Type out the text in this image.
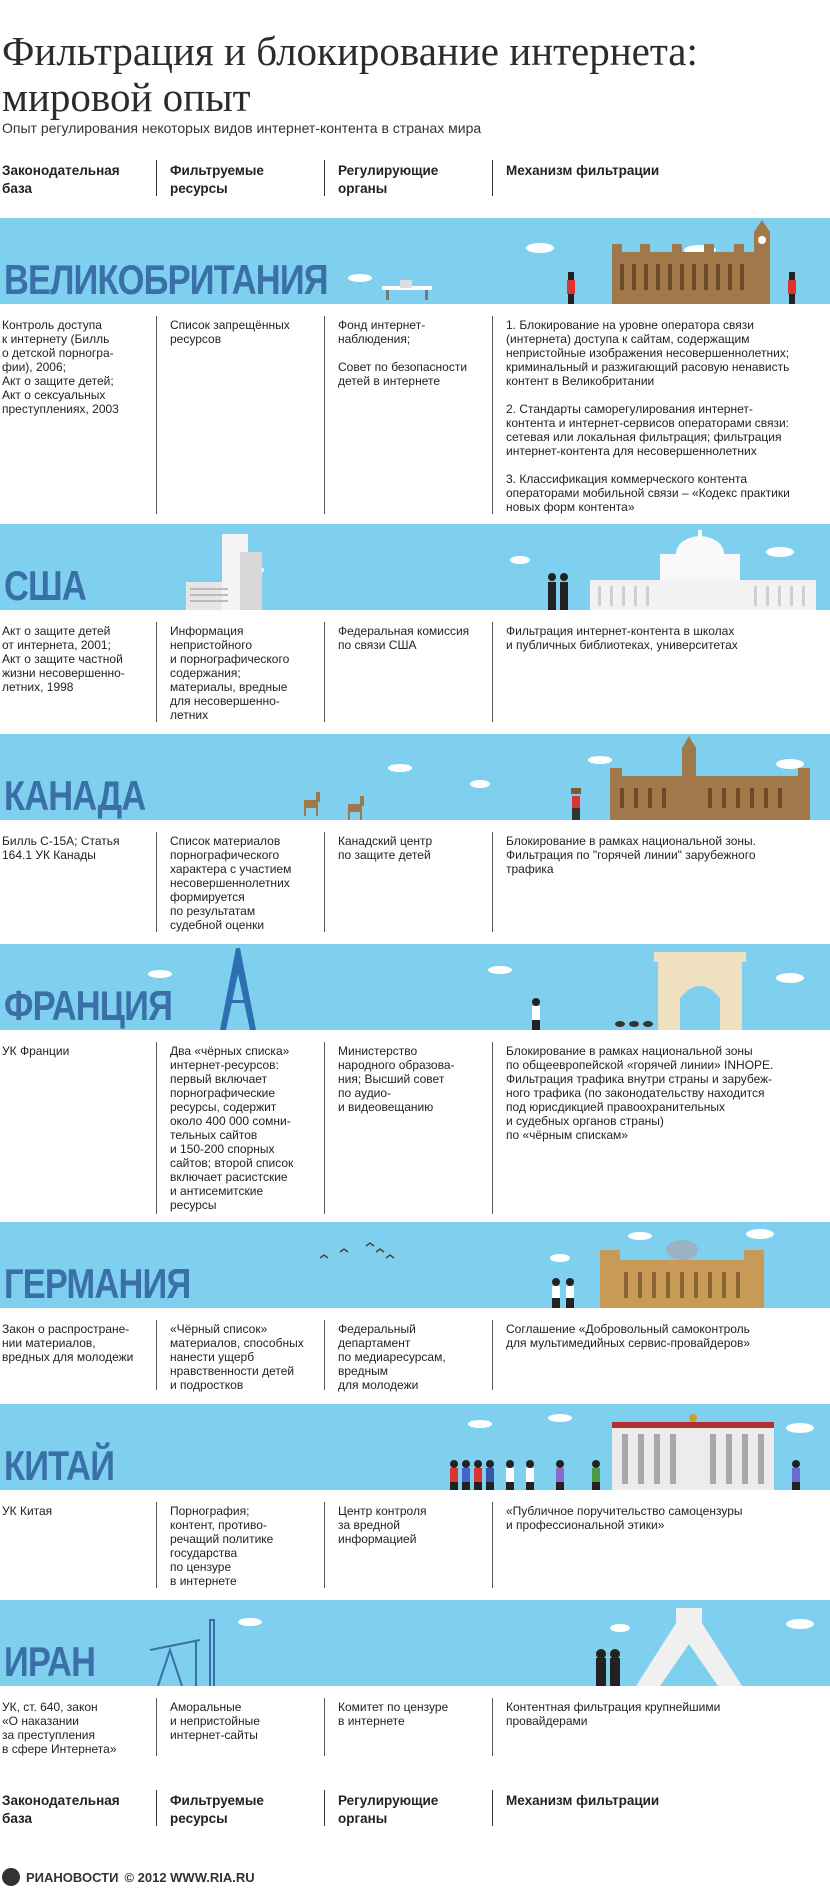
Фильтрация и блокирование интернета:
мировой опыт
Опыт регулирования некоторых видов интернет-контента в странах мира
Законодательная
база
Фильтруемые
ресурсы
Регулирующие
органы
Механизм фильтрации
ВЕЛИКОБРИТАНИЯ
Контроль доступа
к интернету (Билль
о детской порногра-
фии), 2006;
Акт о защите детей;
Акт о сексуальных
преступлениях, 2003
Список запрещённых
ресурсов
Фонд интернет-
наблюдения;

Совет по безопасности
детей в интернете
1. Блокирование на уровне оператора связи
(интернета) доступа к сайтам, содержащим
непристойные изображения несовершеннолетних;
криминальный и разжигающий расовую ненависть
контент в Великобритании

2. Стандарты саморегулирования интернет-
контента и интернет-сервисов операторами связи:
сетевая или локальная фильтрация; фильтрация
интернет-контента для несовершеннолетних

3. Классификация коммерческого контента
операторами мобильной связи – «Кодекс практики
новых форм контента»
США
Акт о защите детей
от интернета, 2001;
Акт о защите частной
жизни несовершенно-
летних, 1998
Информация
непристойного
и порнографического
содержания;
материалы, вредные
для несовершенно-
летних
Федеральная комиссия
по связи США
Фильтрация интернет-контента в школах
и публичных библиотеках, университетах
КАНАДА
Билль С-15А; Статья
164.1 УК Канады
Список материалов
порнографического
характера с участием
несовершеннолетних
формируется
по результатам
судебной оценки
Канадский центр
по защите детей
Блокирование в рамках национальной зоны.
Фильтрация по "горячей линии" зарубежного
трафика
ФРАНЦИЯ
УК Франции	Два «чёрных списка»
интернет-ресурсов:
первый включает
порнографические
ресурсы, содержит
около 400 000 сомни-
тельных сайтов
и 150-200 спорных
сайтов; второй список
включает расистские
и антисемитские
ресурсы
Министерство
народного образова-
ния; Высший совет
по аудио-
и видеовещанию
Блокирование в рамках национальной зоны
по общеевропейской «горячей линии» INHOPE.
Фильтрация трафика внутри страны и зарубеж-
ного трафика (по законодательству находится
под юрисдикцией правоохранительных
и судебных органов страны)
по «чёрным спискам»
ГЕРМАНИЯ
Закон о распростране-
нии материалов,
вредных для молодежи
«Чёрный список»
материалов, способных
нанести ущерб
нравственности детей
и подростков
Федеральный
департамент
по медиаресурсам,
вредным
для молодежи
Соглашение «Добровольный самоконтроль
для мультимедийных сервис-провайдеров»
КИТАЙ
УК Китая	Порнография;
контент, противо-
речащий политике
государства
по цензуре
в интернете
Центр контроля
за вредной
информацией
«Публичное поручительство самоцензуры
и профессиональной этики»
ИРАН
УК, ст. 640, закон
«О наказании
за преступления
в сфере Интернета»
Аморальные
и непристойные
интернет-сайты
Комитет по цензуре
в интернете
Контентная фильтрация крупнейшими
провайдерами
Законодательная
база
Фильтруемые
ресурсы
Регулирующие
органы
Механизм фильтрации
РИАНОВОСТИ © 2012 WWW.RIA.RU
